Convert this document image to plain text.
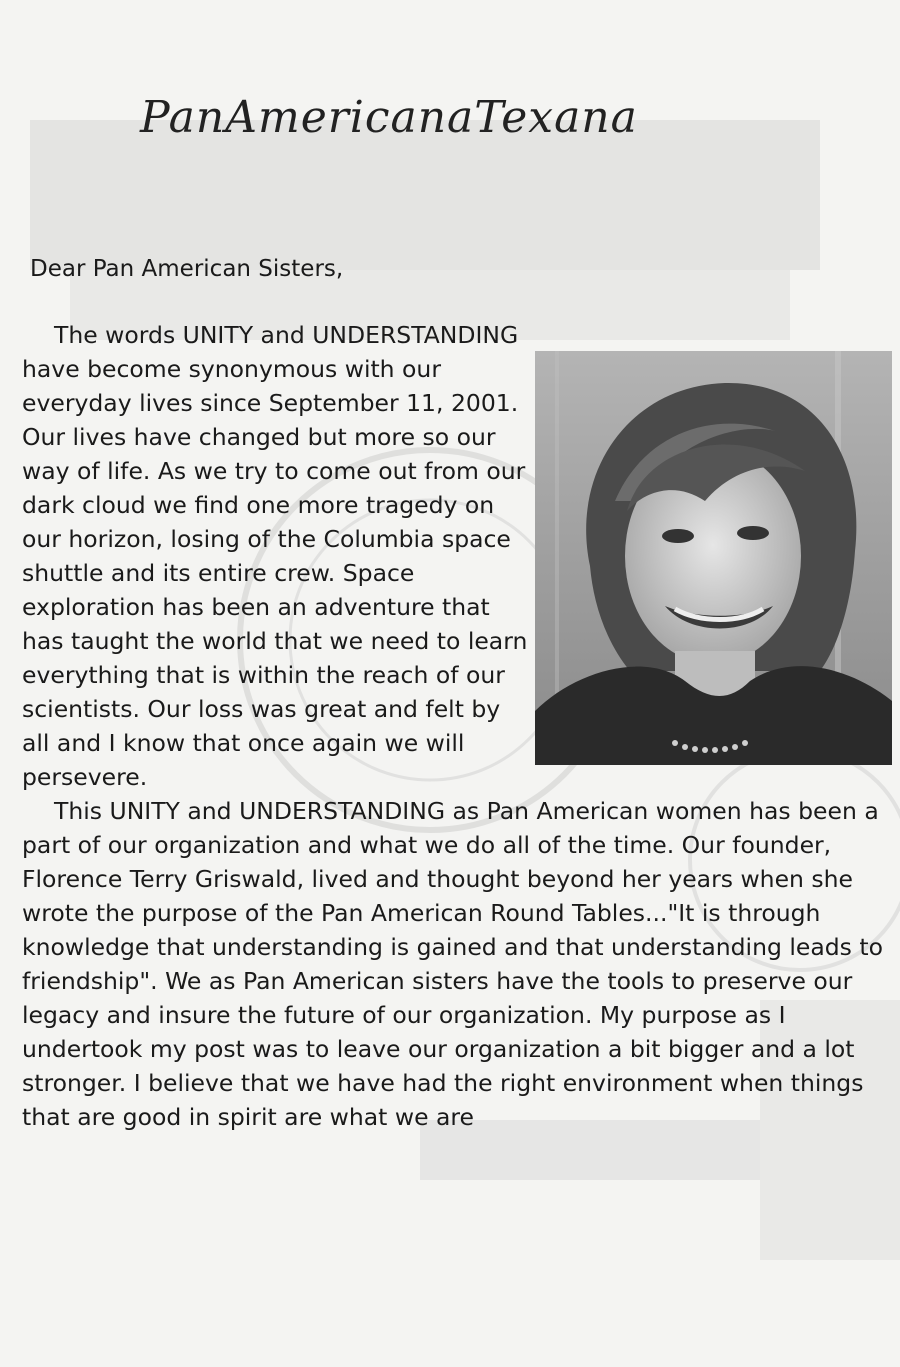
PanAmericanaTexana
Dear Pan American Sisters,

The words UNITY and UNDERSTANDING have become synonymous with our everyday lives since September 11, 2001. Our lives have changed but more so our way of life. As we try to come out from our dark cloud we find one more tragedy on our horizon, losing of the Columbia space shuttle and its entire crew. Space exploration has been an adventure that has taught the world that we need to learn everything that is within the reach of our scientists. Our loss was great and felt by all and I know that once again we will persevere.

This UNITY and UNDERSTANDING as Pan American women has been a part of our organization and what we do all of the time. Our founder, Florence Terry Griswald, lived and thought beyond her years when she wrote the purpose of the Pan American Round Tables..."It is through knowledge that understanding is gained and that understanding leads to friendship". We as Pan American sisters have the tools to preserve our legacy and insure the future of our organization. My purpose as I undertook my post was to leave our organization a bit bigger and a lot stronger. I believe that we have had the right environment when things that are good in spirit are what we are
